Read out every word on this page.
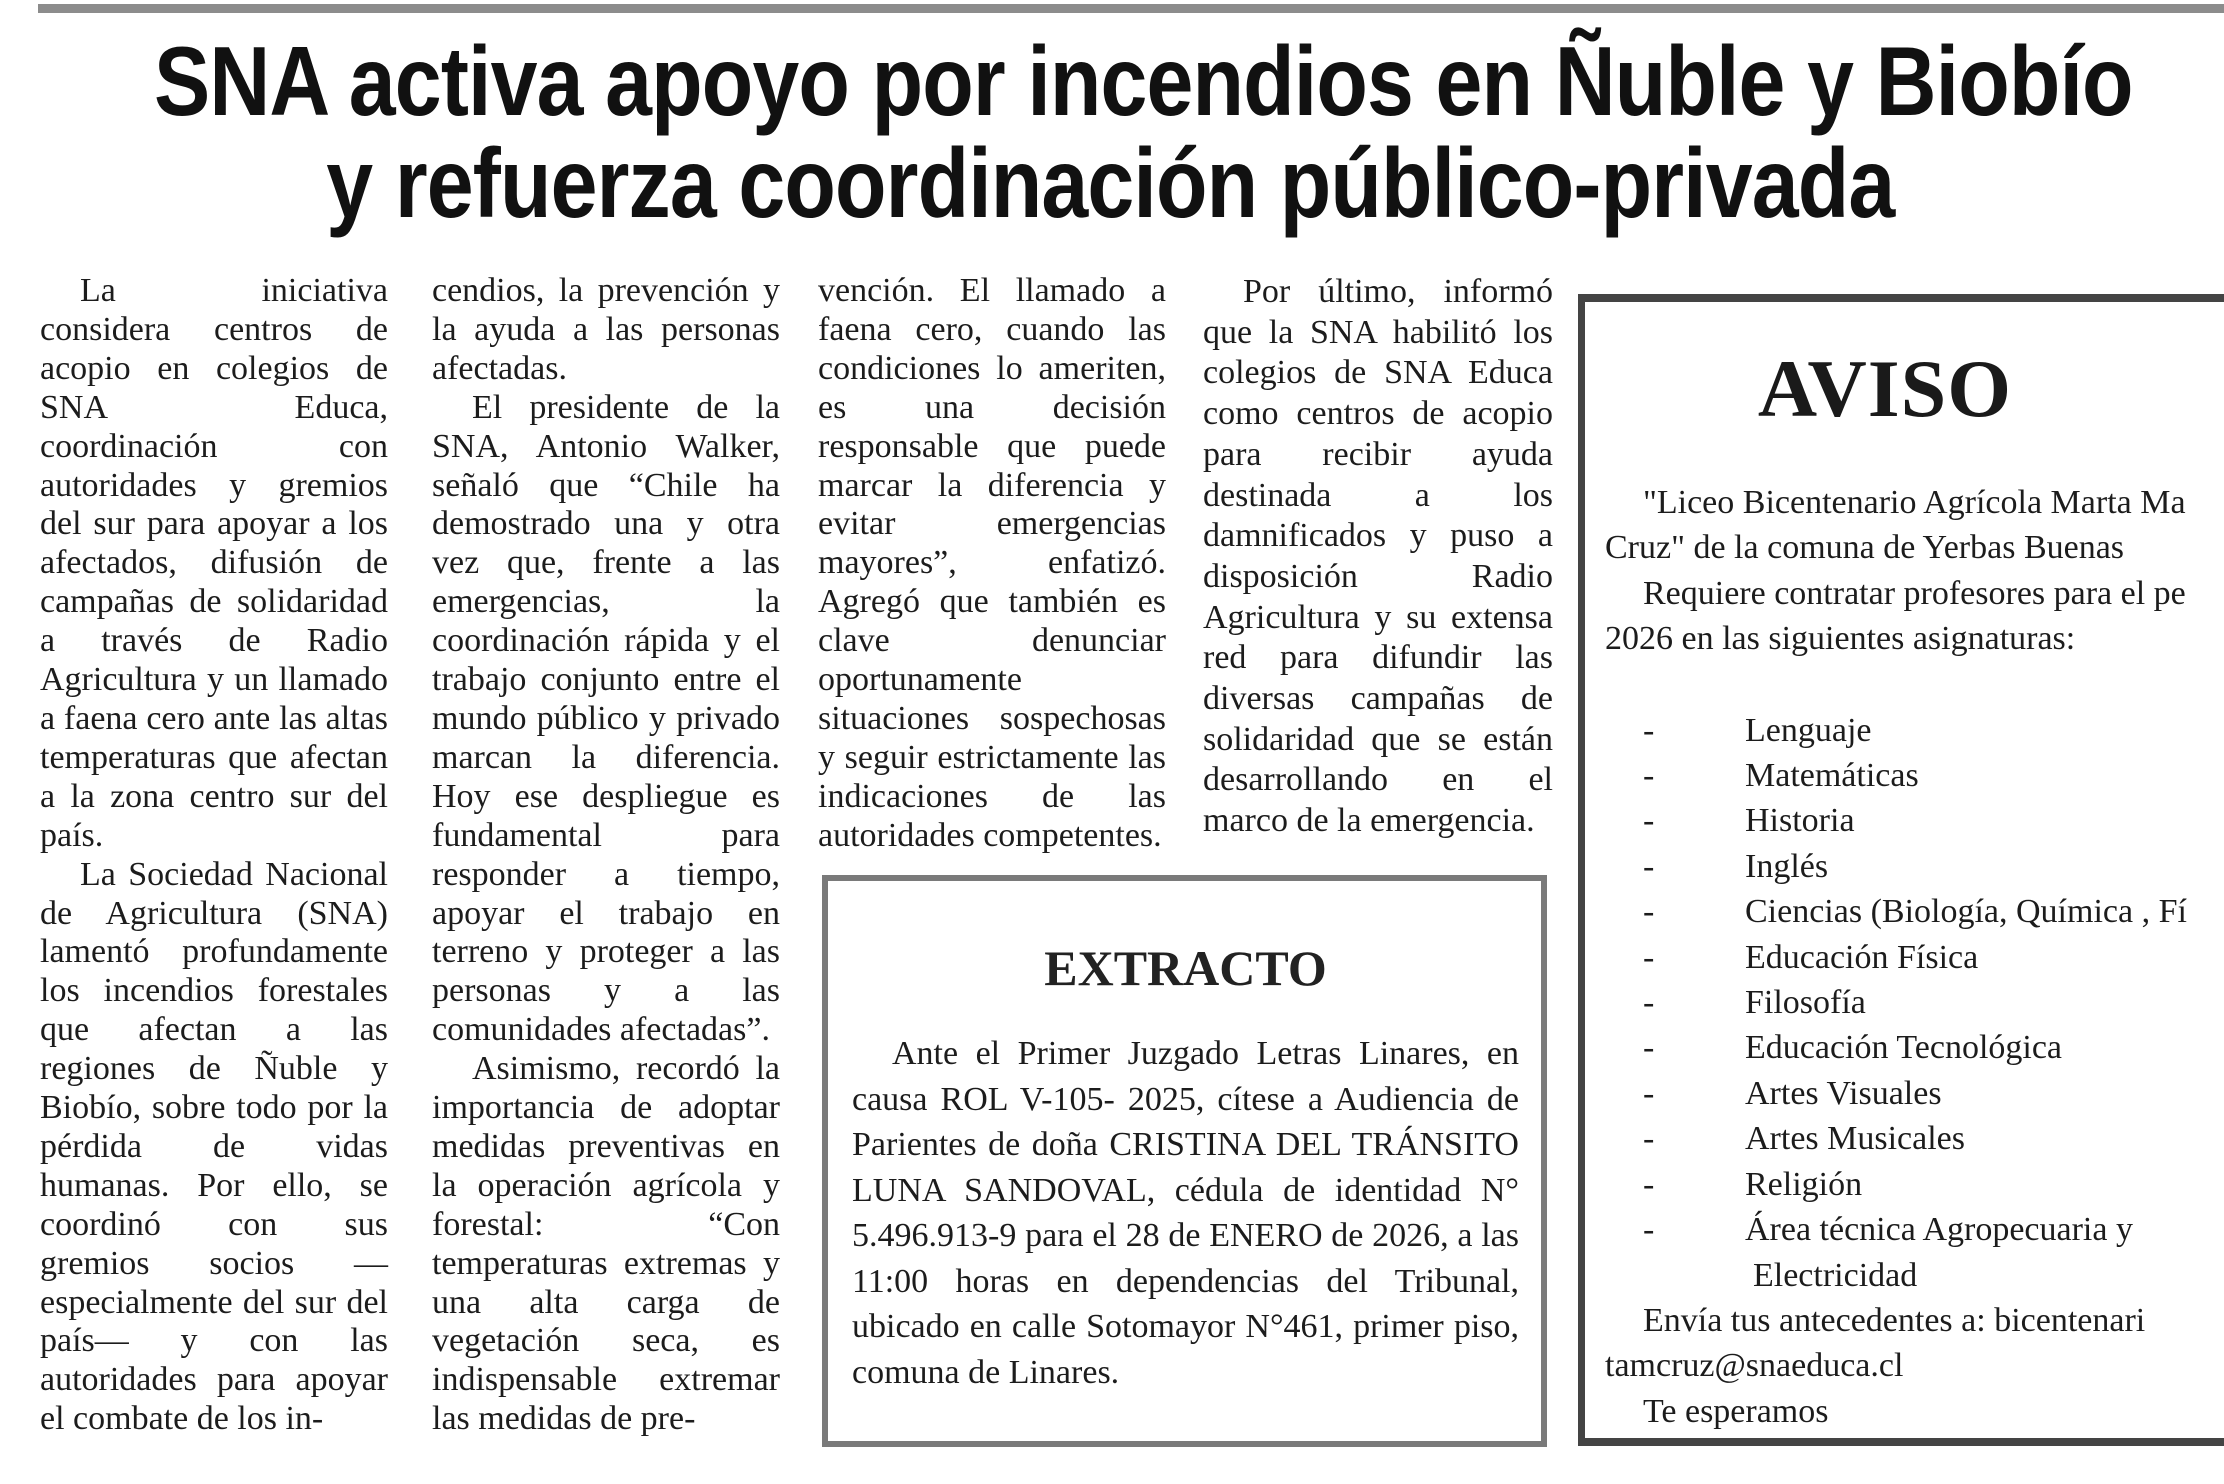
SNA activa apoyo por incendios en Ñuble y Biobío
y refuerza coordinación público-privada

La iniciativa considera centros de acopio en colegios de SNA Educa, coordinación con autoridades y gremios del sur para apoyar a los afectados, difusión de campañas de solidaridad a través de Radio Agricultura y un llamado a faena cero ante las altas temperaturas que afectan a la zona centro sur del país.

La Sociedad Nacional de Agricultura (SNA) lamentó profundamente los incendios forestales que afectan a las regiones de Ñuble y Biobío, sobre todo por la pérdida de vidas humanas. Por ello, se coordinó con sus gremios socios —especialmente del sur del país— y con las autoridades para apoyar el combate de los in-

cendios, la prevención y la ayuda a las personas afectadas.

El presidente de la SNA, Antonio Walker, señaló que “Chile ha demostrado una y otra vez que, frente a las emergencias, la coordinación rápida y el trabajo conjunto entre el mundo público y privado marcan la diferencia. Hoy ese despliegue es fundamental para responder a tiempo, apoyar el trabajo en terreno y proteger a las personas y a las comunidades afectadas”.

Asimismo, recordó la importancia de adoptar medidas preventivas en la operación agrícola y forestal: “Con temperaturas extremas y una alta carga de vegetación seca, es indispensable extremar las medidas de pre-

vención. El llamado a faena cero, cuando las condiciones lo ameriten, es una decisión responsable que puede marcar la diferencia y evitar emergencias mayores”, enfatizó. Agregó que también es clave denunciar oportunamente situaciones sospechosas y seguir estrictamente las indicaciones de las autoridades competentes.

Por último, informó que la SNA habilitó los colegios de SNA Educa como centros de acopio para recibir ayuda destinada a los damnificados y puso a disposición Radio Agricultura y su extensa red para difundir las diversas campañas de solidaridad que se están desarrollando en el marco de la emergencia.

EXTRACTO

Ante el Primer Juzgado Letras Linares, en causa ROL V-105- 2025, cítese a Audiencia de Parientes de doña CRISTINA DEL TRÁNSITO LUNA SANDOVAL, cédula de identidad N° 5.496.913-9 para el 28 de ENERO de 2026, a las 11:00 horas en dependencias del Tribunal, ubicado en calle Sotomayor N°461, primer piso, comuna de Linares.

AVISO
"Liceo Bicentenario Agrícola Marta Ma
Cruz" de la comuna de Yerbas Buenas
Requiere contratar profesores para el pe
2026 en las siguientes asignaturas:
-	Lenguaje
-	Matemáticas
-	Historia
-	Inglés
-	Ciencias (Biología, Química , Fí
-	Educación Física
-	Filosofía
-	Educación Tecnológica
-	Artes Visuales
-	Artes Musicales
-	Religión
-	Área técnica Agropecuaria y
Electricidad
Envía tus antecedentes a: bicentenari
tamcruz@snaeduca.cl
Te esperamos
